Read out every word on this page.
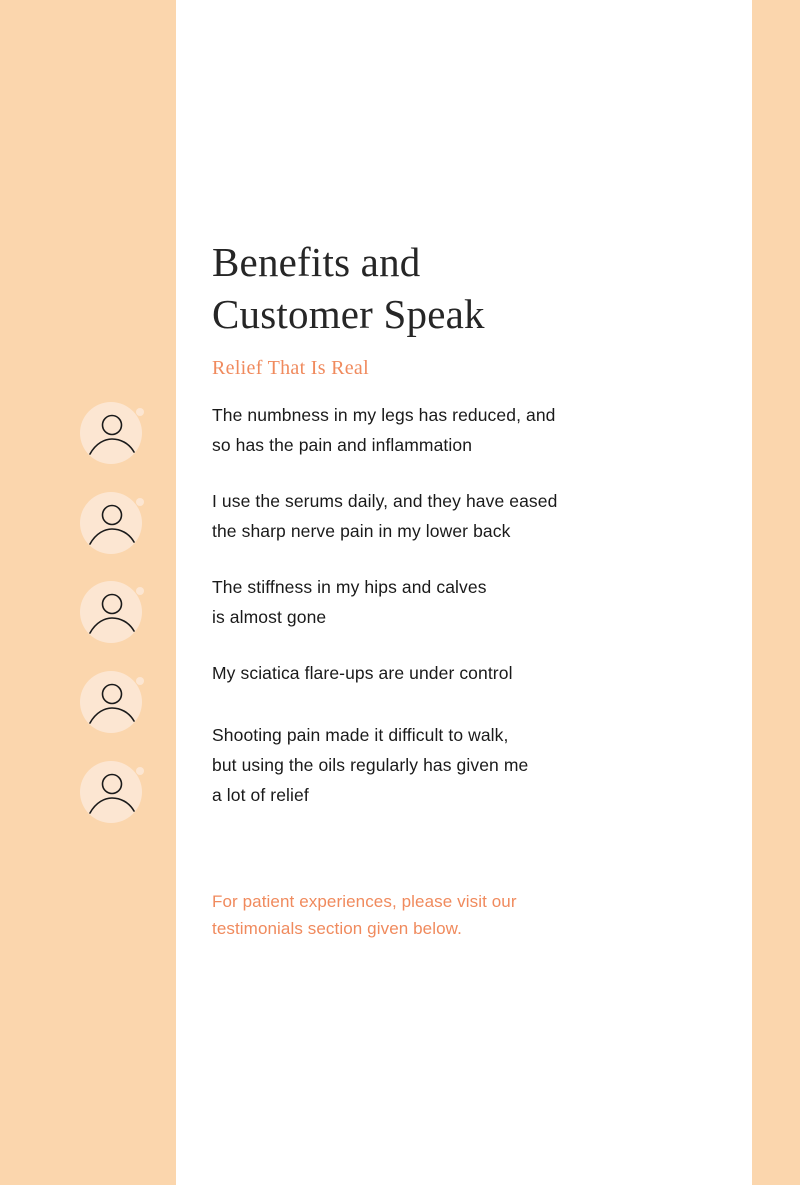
Benefits and
Customer Speak
Relief That Is Real
The numbness in my legs has reduced, and
so has the pain and inflammation
I use the serums daily, and they have eased
the sharp nerve pain in my lower back
The stiffness in my hips and calves
is almost gone
My sciatica flare-ups are under control
Shooting pain made it difficult to walk,
but using the oils regularly has given me
a lot of relief
For patient experiences, please visit our
testimonials section given below.
